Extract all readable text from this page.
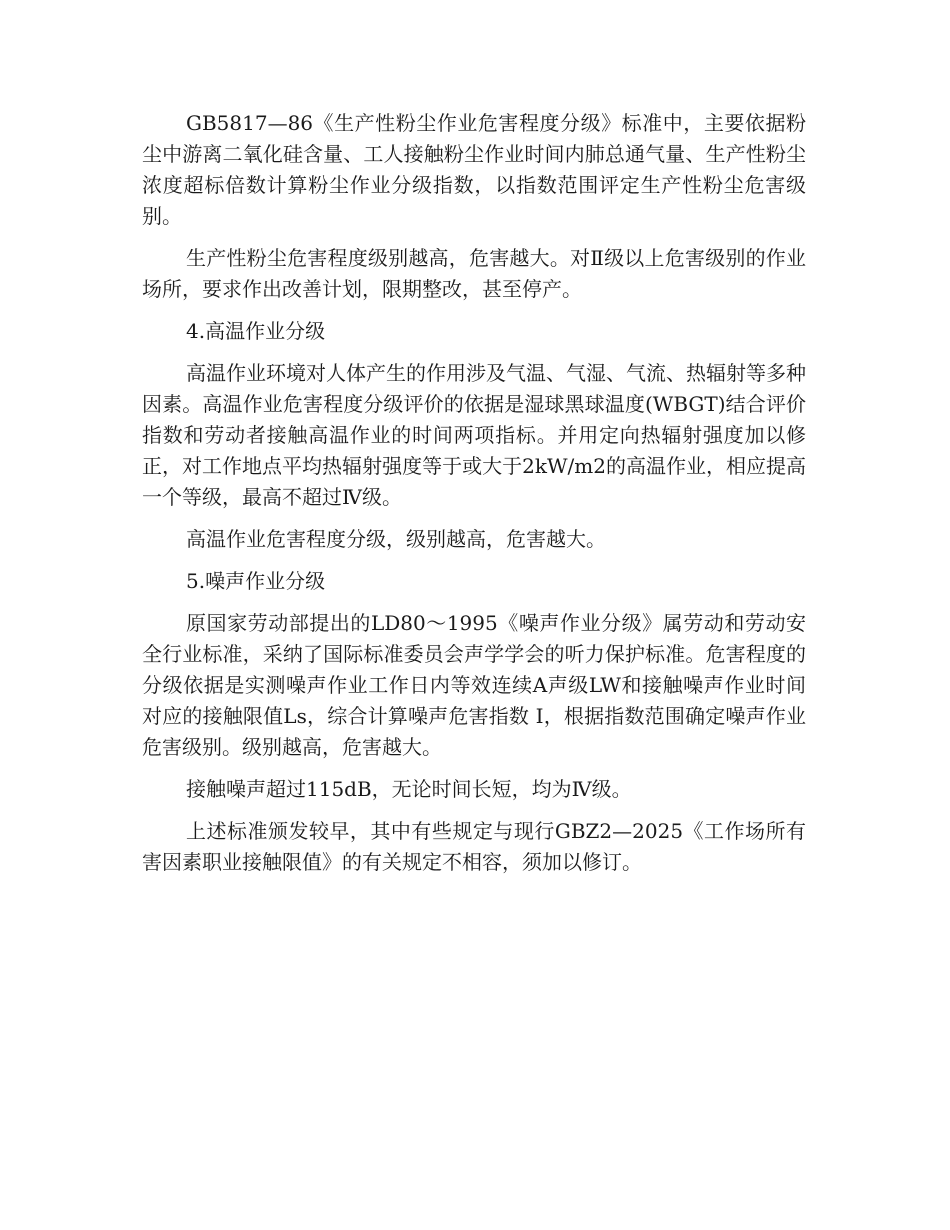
GB5817—86《生产性粉尘作业危害程度分级》标准中，主要依据粉尘中游离二氧化硅含量、工人接触粉尘作业时间内肺总通气量、生产性粉尘浓度超标倍数计算粉尘作业分级指数，以指数范围评定生产性粉尘危害级别。

生产性粉尘危害程度级别越高，危害越大。对Ⅱ级以上危害级别的作业场所，要求作出改善计划，限期整改，甚至停产。

4.高温作业分级

高温作业环境对人体产生的作用涉及气温、气湿、气流、热辐射等多种因素。高温作业危害程度分级评价的依据是湿球黑球温度(WBGT)结合评价指数和劳动者接触高温作业的时间两项指标。并用定向热辐射强度加以修正，对工作地点平均热辐射强度等于或大于2kW/m2的高温作业，相应提高一个等级，最高不超过Ⅳ级。

高温作业危害程度分级，级别越高，危害越大。

5.噪声作业分级

原国家劳动部提出的LD80～1995《噪声作业分级》属劳动和劳动安全行业标准，采纳了国际标准委员会声学学会的听力保护标准。危害程度的分级依据是实测噪声作业工作日内等效连续A声级LW和接触噪声作业时间对应的接触限值Ls，综合计算噪声危害指数 I，根据指数范围确定噪声作业危害级别。级别越高，危害越大。

接触噪声超过115dB，无论时间长短，均为Ⅳ级。

上述标准颁发较早，其中有些规定与现行GBZ2—2025《工作场所有害因素职业接触限值》的有关规定不相容，须加以修订。
